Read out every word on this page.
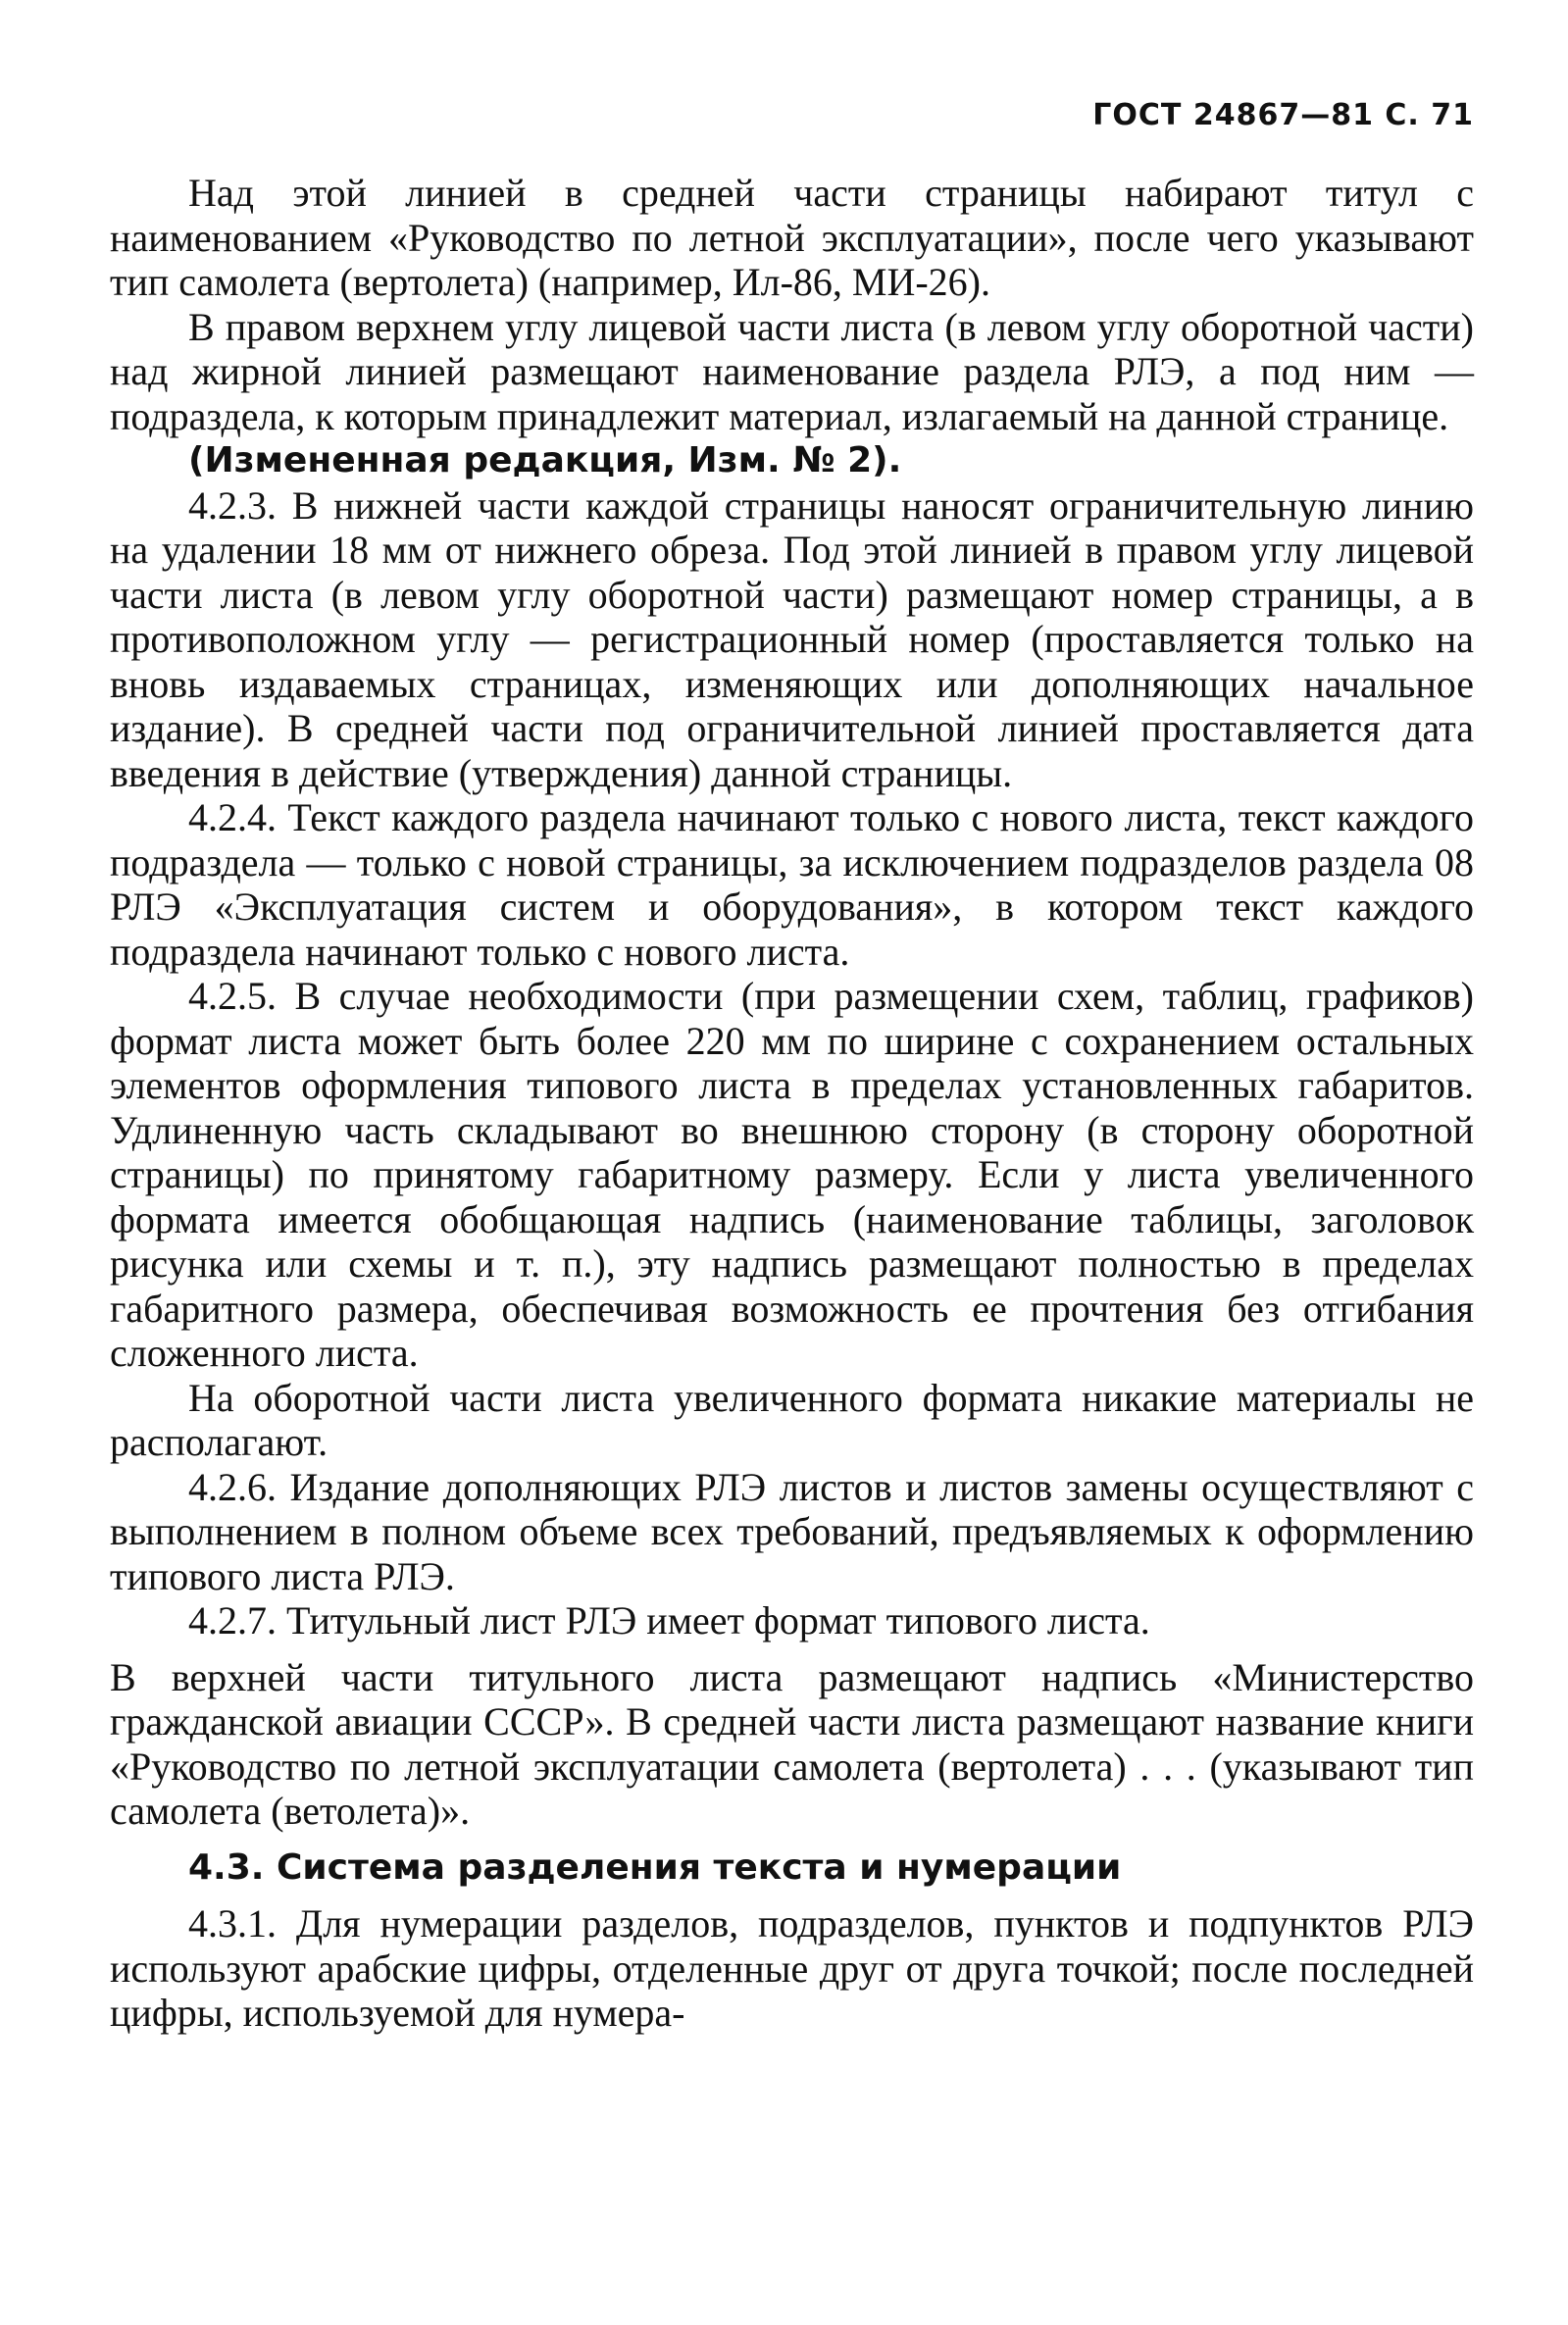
ГОСТ 24867—81 С. 71

Над этой линией в средней части страницы набирают титул с наименованием «Руководство по летной эксплуатации», после чего указывают тип самолета (вертолета) (например, Ил-86, МИ-26).

В правом верхнем углу лицевой части листа (в левом углу оборотной части) над жирной линией размещают наименование раздела РЛЭ, а под ним — подраздела, к которым принадлежит материал, излагаемый на данной странице.

(Измененная редакция, Изм. № 2).

4.2.3. В нижней части каждой страницы наносят ограничительную линию на удалении 18 мм от нижнего обреза. Под этой линией в правом углу лицевой части листа (в левом углу оборотной части) размещают номер страницы, а в противоположном углу — регистрационный номер (проставляется только на вновь издаваемых страницах, изменяющих или дополняющих начальное издание). В средней части под ограничительной линией проставляется дата введения в действие (утверждения) данной страницы.

4.2.4. Текст каждого раздела начинают только с нового листа, текст каждого подраздела — только с новой страницы, за исключением подразделов раздела 08 РЛЭ «Эксплуатация систем и оборудования», в котором текст каждого подраздела начинают только с нового листа.

4.2.5. В случае необходимости (при размещении схем, таблиц, графиков) формат листа может быть более 220 мм по ширине с сохранением остальных элементов оформления типового листа в пределах установленных габаритов. Удлиненную часть складывают во внешнюю сторону (в сторону оборотной страницы) по принятому габаритному размеру. Если у листа увеличенного формата имеется обобщающая надпись (наименование таблицы, заголовок рисунка или схемы и т. п.), эту надпись размещают полностью в пределах габаритного размера, обеспечивая возможность ее прочтения без отгибания сложенного листа.

На оборотной части листа увеличенного формата никакие материалы не располагают.

4.2.6. Издание дополняющих РЛЭ листов и листов замены осуществляют с выполнением в полном объеме всех требований, предъявляемых к оформлению типового листа РЛЭ.

4.2.7. Титульный лист РЛЭ имеет формат типового листа.

В верхней части титульного листа размещают надпись «Министерство гражданской авиации СССР». В средней части листа размещают название книги «Руководство по летной эксплуатации самолета (вертолета) . . . (указывают тип самолета (ветолета)».

4.3. Система разделения текста и нумерации

4.3.1. Для нумерации разделов, подразделов, пунктов и подпунктов РЛЭ используют арабские цифры, отделенные друг от друга точкой; после последней цифры, используемой для нумера-
